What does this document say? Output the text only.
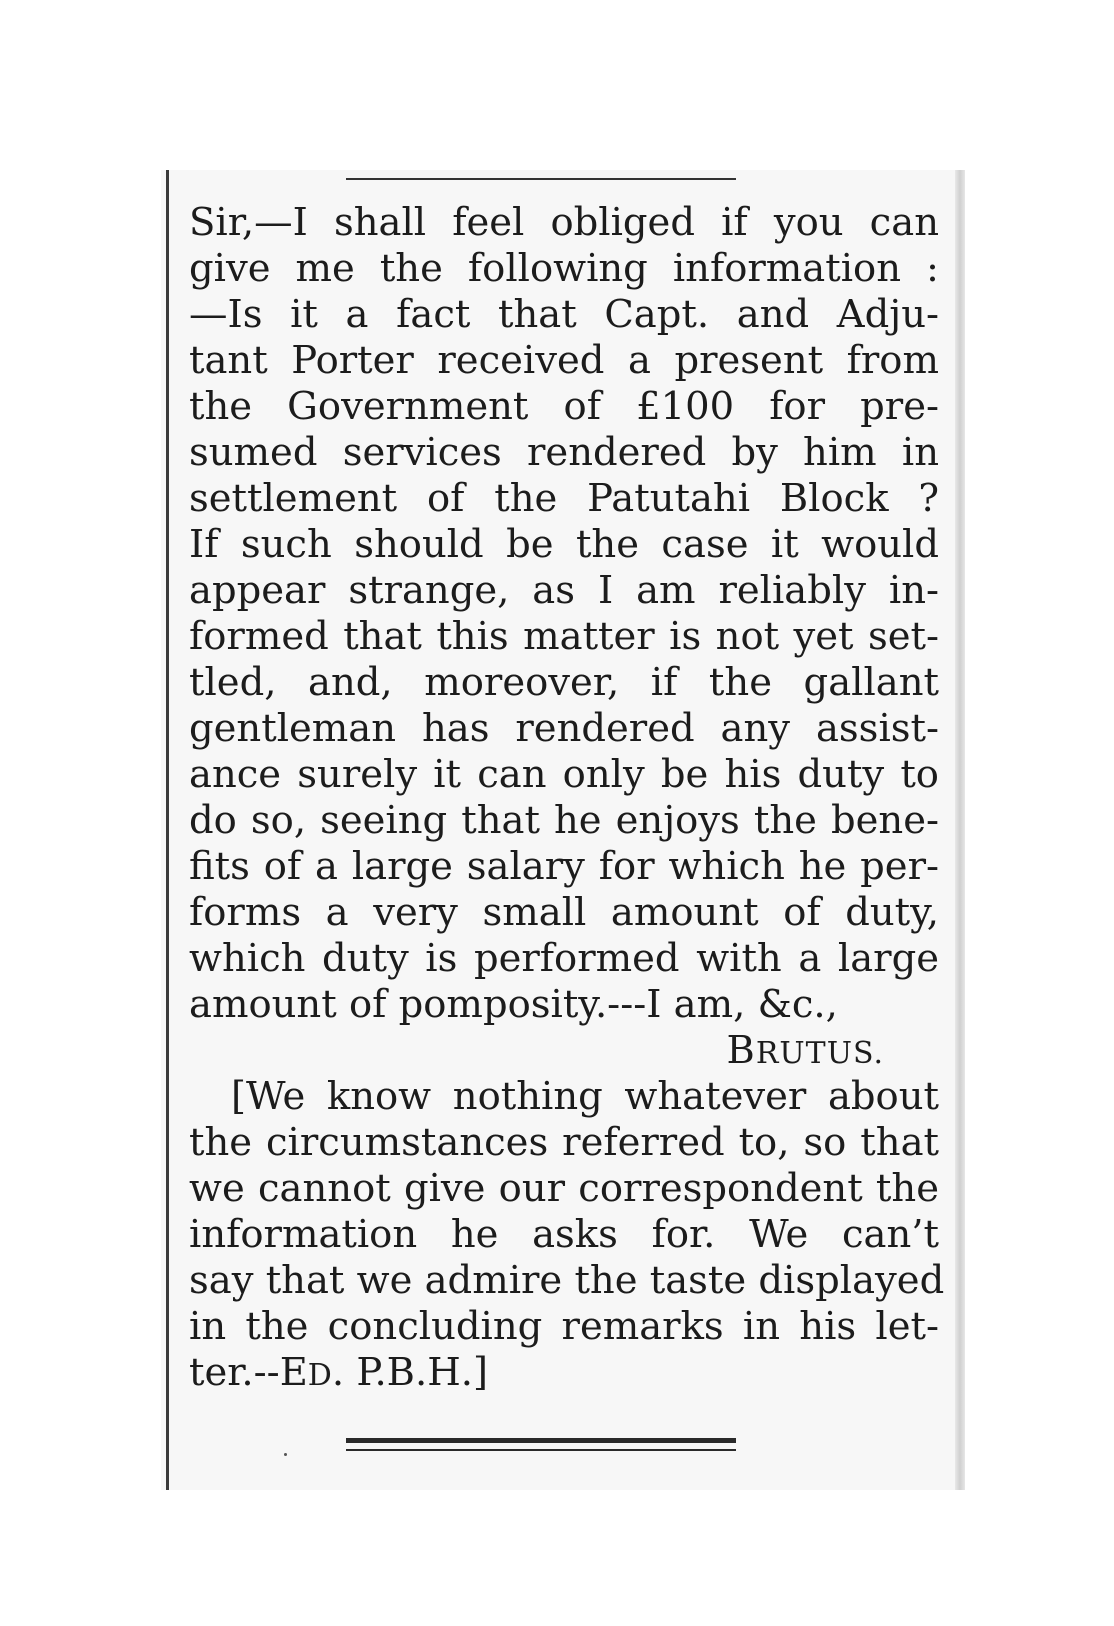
Sir,—I shall feel obliged if you can
give me the following information :
—Is it a fact that Capt. and Adju-
tant Porter received a present from
the Government of £100 for pre-
sumed services rendered by him in
settlement of the Patutahi Block ?
If such should be the case it would
appear strange, as I am reliably in-
formed that this matter is not yet set-
tled, and, moreover, if the gallant
gentleman has rendered any assist-
ance surely it can only be his duty to
do so, seeing that he enjoys the bene-
fits of a large salary for which he per-
forms a very small amount of duty,
which duty is performed with a large
amount of pomposity.---I am, &c.,
BRUTUS.
[We know nothing whatever about
the circumstances referred to, so that
we cannot give our correspondent the
information he asks for. We can’t
say that we admire the taste displayed
in the concluding remarks in his let-
ter.--ED. P.B.H.]
